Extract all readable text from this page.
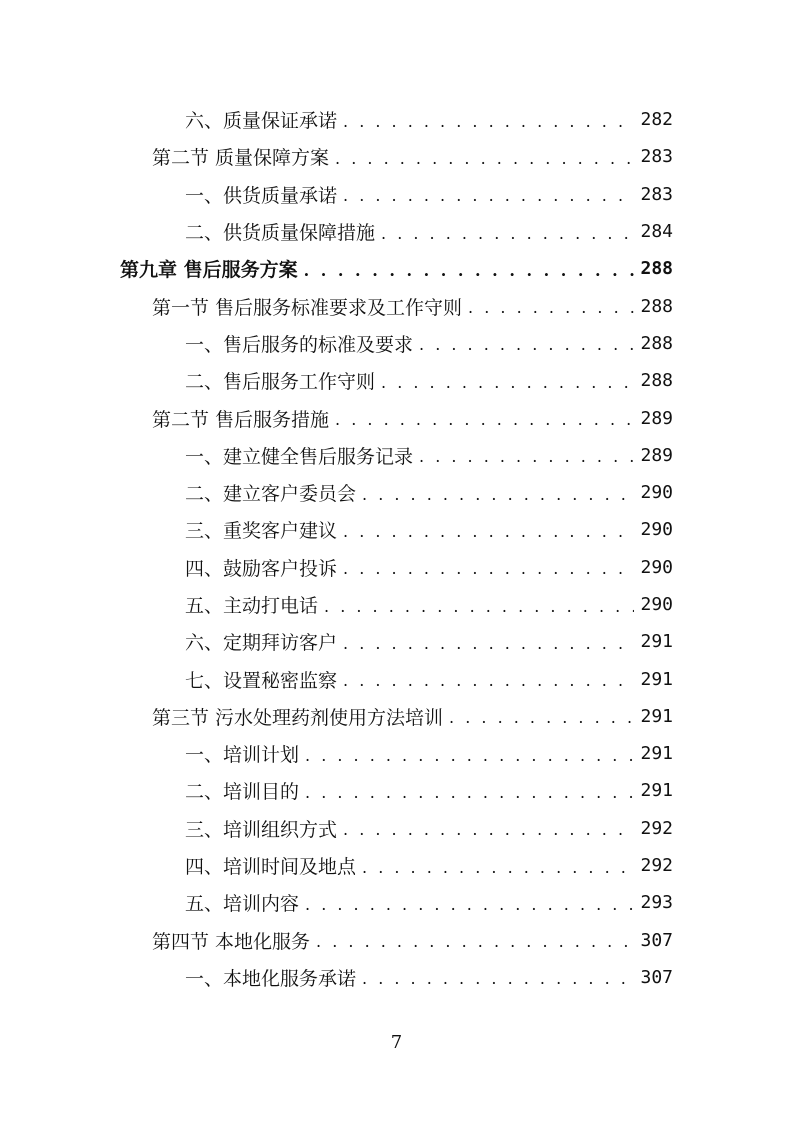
六、质量保证承诺 . . .	282
第二节 质量保障方案 . . .	283
一、供货质量承诺 . . .	283
二、供货质量保障措施 . . .	284
第九章 售后服务方案 . . .	288
第一节 售后服务标准要求及工作守则 . . .	288
一、售后服务的标准及要求 . . .	288
二、售后服务工作守则 . . .	288
第二节 售后服务措施 . . .	289
一、建立健全售后服务记录 . . .	289
二、建立客户委员会 . . .	290
三、重奖客户建议 . . .	290
四、鼓励客户投诉 . . .	290
五、主动打电话 . . .	290
六、定期拜访客户 . . .	291
七、设置秘密监察 . . .	291
第三节 污水处理药剂使用方法培训 . . .	291
一、培训计划 . . .	291
二、培训目的 . . .	291
三、培训组织方式 . . .	292
四、培训时间及地点 . . .	292
五、培训内容 . . .	293
第四节 本地化服务 . . .	307
一、本地化服务承诺 . . .	307
7
